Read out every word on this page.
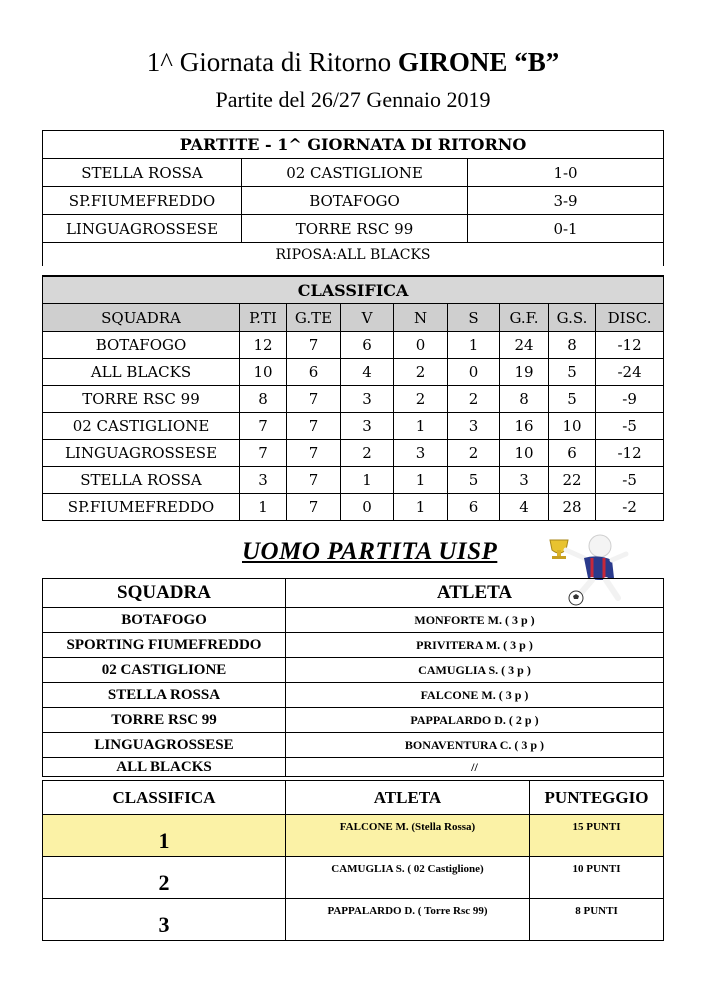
1^ Giornata di Ritorno GIRONE “B”
Partite del 26/27 Gennaio 2019
PARTITE - 1^ GIORNATA DI RITORNO		
STELLA ROSSA	02 CASTIGLIONE	1-0
SP.FIUMEFREDDO	BOTAFOGO	3-9
LINGUAGROSSESE	TORRE RSC 99	0-1
RIPOSA:ALL BLACKS		
CLASSIFICA								
SQUADRA	P.TI	G.TE	V	N	S	G.F.	G.S.	DISC.
BOTAFOGO	12	7	6	0	1	24	8	-12
ALL BLACKS	10	6	4	2	0	19	5	-24
TORRE RSC 99	8	7	3	2	2	8	5	-9
02 CASTIGLIONE	7	7	3	1	3	16	10	-5
LINGUAGROSSESE	7	7	2	3	2	10	6	-12
STELLA ROSSA	3	7	1	1	5	3	22	-5
SP.FIUMEFREDDO	1	7	0	1	6	4	28	-2
UOMO PARTITA UISP
SQUADRA	ATLETA
BOTAFOGO	MONFORTE M. ( 3 p )
SPORTING FIUMEFREDDO	PRIVITERA M. ( 3 p )
02 CASTIGLIONE	CAMUGLIA S. ( 3 p )
STELLA ROSSA	FALCONE M. ( 3 p )
TORRE RSC 99	PAPPALARDO D. ( 2 p )
LINGUAGROSSESE	BONAVENTURA C. ( 3 p )
ALL BLACKS	//
CLASSIFICA	ATLETA	PUNTEGGIO
1	FALCONE M. (Stella Rossa)	15 PUNTI
2	CAMUGLIA S. ( 02 Castiglione)	10 PUNTI
3	PAPPALARDO D. ( Torre Rsc 99)	8 PUNTI
